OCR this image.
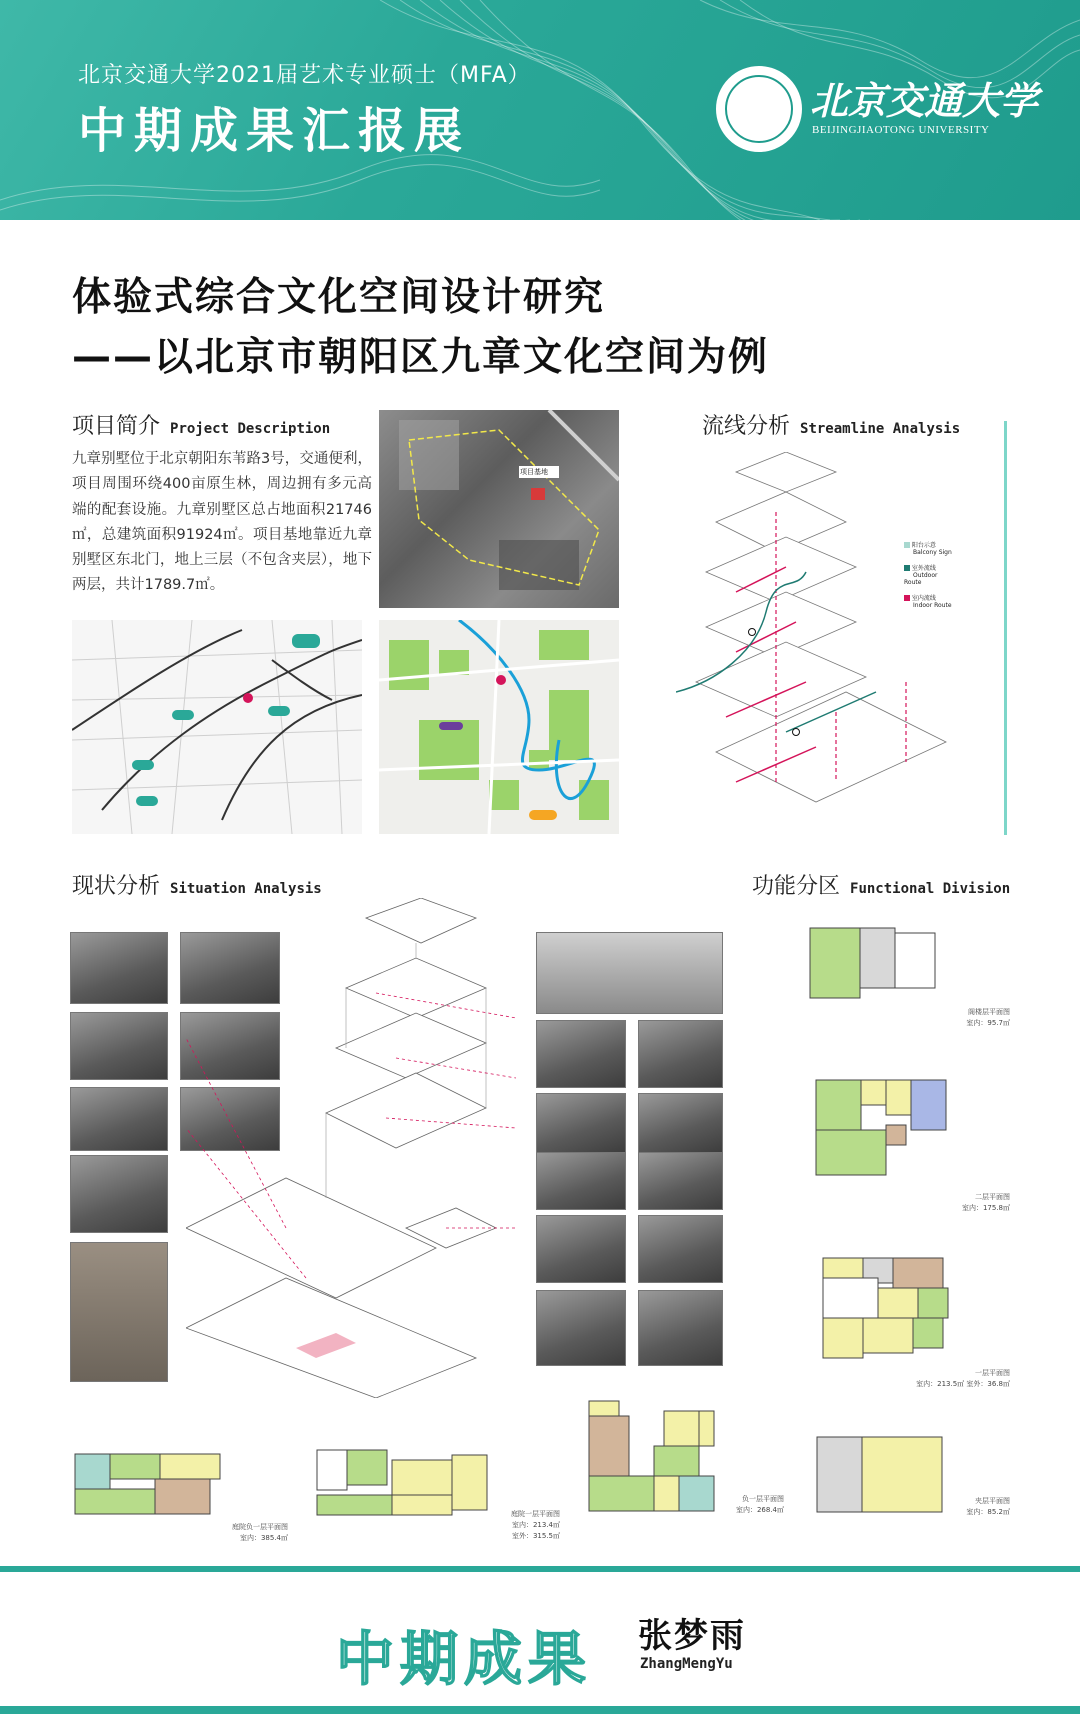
北京交通大学2021届艺术专业硕士（MFA）
中期成果汇报展
北京交通大学
BEIJINGJIAOTONG UNIVERSITY
体验式综合文化空间设计研究
——以北京市朝阳区九章文化空间为例
项目简介 Project Description
九章别墅位于北京朝阳东苇路3号，交通便利，项目周围环绕400亩原生林，周边拥有多元高端的配套设施。九章别墅区总占地面积21746㎡，总建筑面积91924㎡。项目基地靠近九章别墅区东北门，地上三层（不包含夹层），地下两层，共计1789.7㎡。
项目基地
流线分析 Streamline Analysis
阳台示意
Balcony Sign
室外流线
Outdoor Route
室内流线
Indoor Route
现状分析 Situation Analysis	功能分区 Functional Division
阁楼层平面图
室内：95.7㎡
二层平面图
室内：175.8㎡
一层平面图
室内：213.5㎡ 室外：36.8㎡
夹层平面图
室内：85.2㎡
庭院负一层平面图
室内：385.4㎡
庭院一层平面图
室内：213.4㎡
室外：315.5㎡
负一层平面图
室内：268.4㎡
中期成果 张梦雨
ZhangMengYu
